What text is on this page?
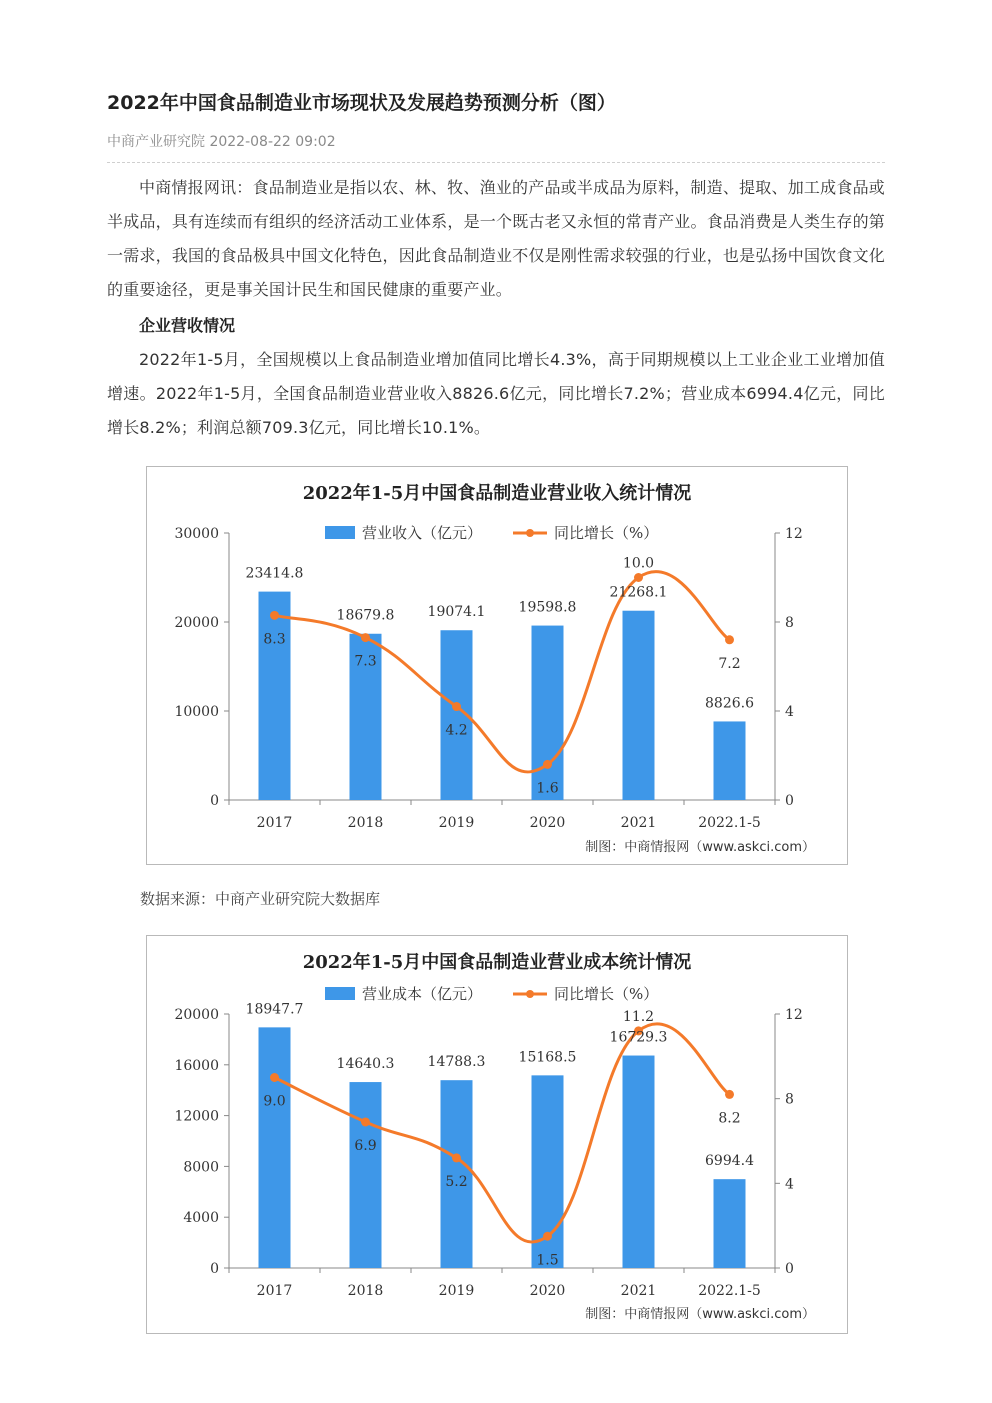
2022年中国食品制造业市场现状及发展趋势预测分析（图）
中商产业研究院 2022-08-22 09:02

中商情报网讯：食品制造业是指以农、林、牧、渔业的产品或半成品为原料，制造、提取、加工成食品或半成品，具有连续而有组织的经济活动工业体系，是一个既古老又永恒的常青产业。食品消费是人类生存的第一需求，我国的食品极具中国文化特色，因此食品制造业不仅是刚性需求较强的行业，也是弘扬中国饮食文化的重要途径，更是事关国计民生和国民健康的重要产业。

企业营收情况

2022年1-5月，全国规模以上食品制造业增加值同比增长4.3%，高于同期规模以上工业企业工业增加值增速。2022年1-5月，全国食品制造业营业收入8826.6亿元，同比增长7.2%；营业成本6994.4亿元，同比增长8.2%；利润总额709.3亿元，同比增长10.1%。

2022年1-5月中国食品制造业营业收入统计情况
营业收入（亿元）	同比增长（%）
0
10000
20000
30000
0
4
8
12
2017	2018	2019	2020	2021	2022.1-5
23414.8
18679.8 19074.1 19598.8
21268.1
8826.6
8.3
7.3
4.2
1.6
10.0
7.2
制图：中商情报网（www.askci.com）
数据来源：中商产业研究院大数据库
2022年1-5月中国食品制造业营业成本统计情况
营业成本（亿元）	同比增长（%）
0
4000
8000
12000
16000
20000
0
4
8
12
2017	2018	2019	2020	2021	2022.1-5
18947.7
14640.3 14788.3 15168.5
16729.3
6994.4
9.0
6.9
5.2
1.5
11.2
8.2
制图：中商情报网（www.askci.com）
